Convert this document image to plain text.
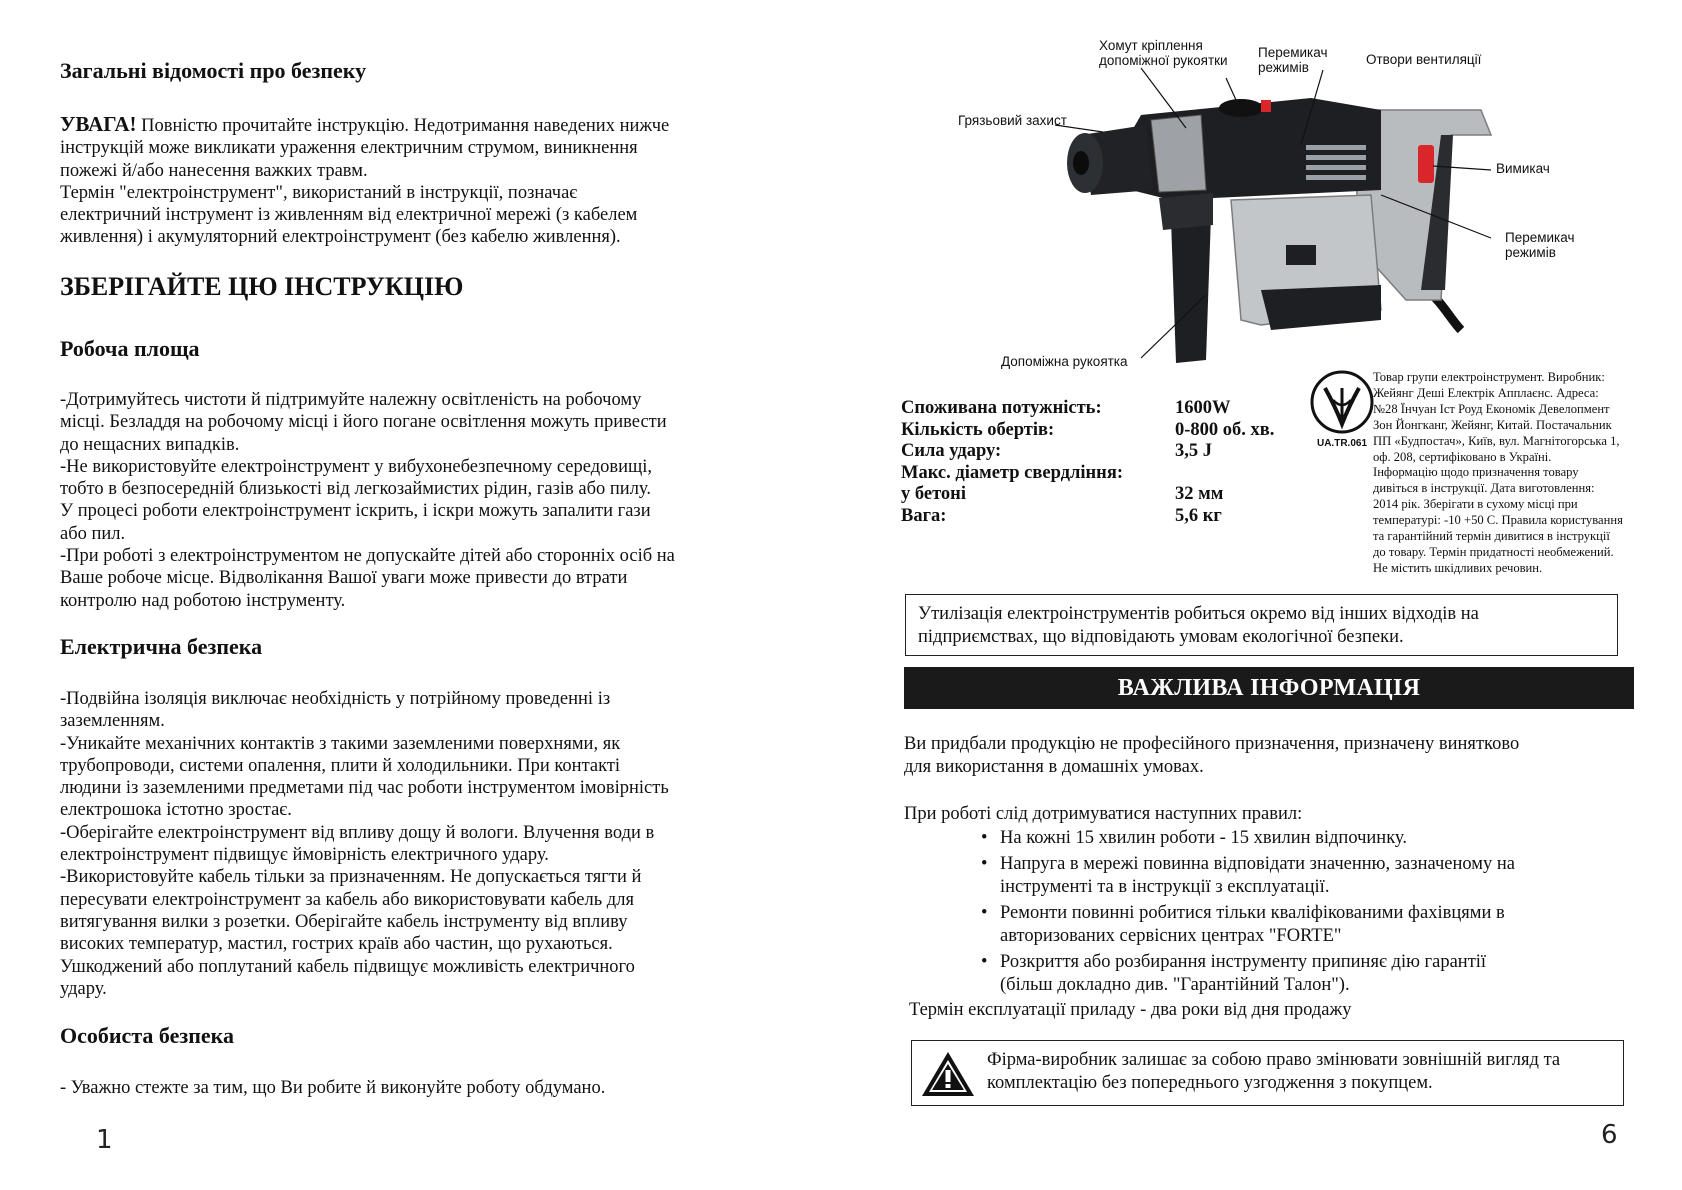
Загальні відомості про безпеку

УВАГА! Повністю прочитайте інструкцію. Недотримання наведених нижче
інструкцій може викликати ураження електричним струмом, виникнення
пожежі й/або нанесення важких травм.
Термін "електроінструмент", використаний в інструкції, позначає
електричний інструмент із живленням від електричної мережі (з кабелем
живлення) і акумуляторний електроінструмент (без кабелю живлення).

ЗБЕРІГАЙТЕ ЦЮ ІНСТРУКЦІЮ
Робоча площа

-Дотримуйтесь чистоти й підтримуйте належну освітленість на робочому
місці. Безладдя на робочому місці і його погане освітлення можуть привести
до нещасних випадків.
-Не використовуйте електроінструмент у вибухонебезпечному середовищі,
тобто в безпосередній близькості від легкозаймистих рідин, газів або пилу.
У процесі роботи електроінструмент іскрить, і іскри можуть запалити гази
або пил.
-При роботі з електроінструментом не допускайте дітей або сторонніх осіб на
Ваше робоче місце. Відволікання Вашої уваги може привести до втрати
контролю над роботою інструменту.

Електрична безпека

-Подвійна ізоляція виключає необхідність у потрійному проведенні із
заземленням.
-Уникайте механічних контактів з такими заземленими поверхнями, як
трубопроводи, системи опалення, плити й холодильники. При контакті
людини із заземленими предметами під час роботи інструментом імовірність
електрошока істотно зростає.
-Оберігайте електроінструмент від впливу дощу й вологи. Влучення води в
електроінструмент підвищує ймовірність електричного удару.
-Використовуйте кабель тільки за призначенням. Не допускається тягти й
пересувати електроінструмент за кабель або використовувати кабель для
витягування вилки з розетки. Оберігайте кабель інструменту від впливу
високих температур, мастил, гострих країв або частин, що рухаються.
Ушкоджений або поплутаний кабель підвищує можливість електричного
удару.

Особиста безпека

- Уважно стежте за тим, що Ви робите й виконуйте роботу обдумано.

1
Хомут кріплення
допоміжної рукоятки
Перемикач
режимів
Отвори вентиляції
Грязьовий захист
Вимикач
Перемикач
режимів
Допоміжна рукоятка
Споживана потужність:	1600W
Кількість обертів:	0-800 об. хв.
Сила удару:	3,5 J
Макс. діаметр свердління:
у бетоні	32 мм
Вага:	5,6 кг
UA.TR.061
Товар групи електроінструмент. Виробник:
Жейянг Деші Електрік Апплаєнс. Адреса:
№28 Їнчуан Іст Роуд Економік Девелопмент
Зон Йонгканг, Жейянг, Китай. Постачальник
ПП «Будпостач», Київ, вул. Магнітогорська 1,
оф. 208, сертифіковано в Україні.
Інформацію щодо призначення товару
дивіться в інструкції. Дата виготовлення:
2014 рік. Зберігати в сухому місці при
температурі: -10 +50 С. Правила користування
та гарантійний термін дивитися в інструкції
до товару. Термін придатності необмежений.
Не містить шкідливих речовин.
Утилізація електроінструментів робиться окремо від інших відходів на
підприємствах, що відповідають умовам екологічної безпеки.
ВАЖЛИВА ІНФОРМАЦІЯ

Ви придбали продукцію не професійного призначення, призначену винятково
для використання в домашніх умовах.

При роботі слід дотримуватися наступних правил:
• На кожні 15 хвилин роботи - 15 хвилин відпочинку.
• Напруга в мережі повинна відповідати значенню, зазначеному на
інструменті та в інструкції з експлуатації.
• Ремонти повинні робитися тільки кваліфікованими фахівцями в
авторизованих сервісних центрах "FORTE"
• Розкриття або розбирання інструменту припиняє дію гарантії
(більш докладно див. "Гарантійний Талон").
Термін експлуатації приладу - два роки від дня продажу
Фірма-виробник залишає за собою право змінювати зовнішній вигляд та
комплектацію без попереднього узгодження з покупцем.
6
